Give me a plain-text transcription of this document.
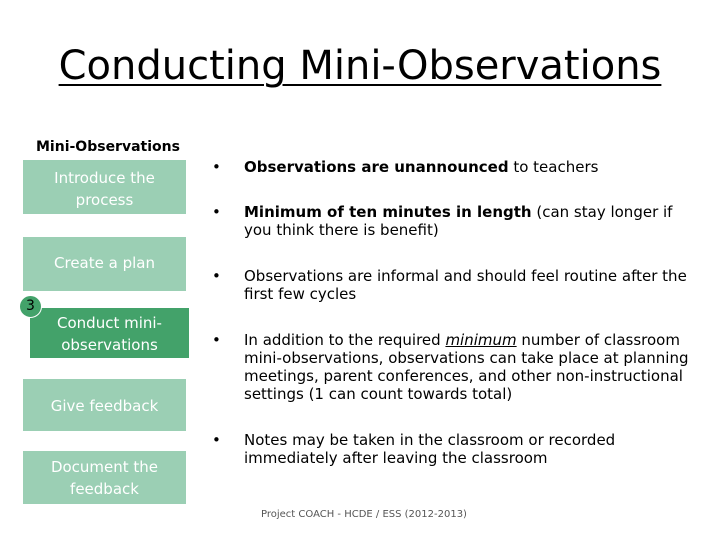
Conducting Mini-Observations
Mini-Observations
Introduce the process
Create a plan
Conduct mini-observations
Give feedback
Document the feedback
3
•	Observations are unannounced to teachers
•	Minimum of ten minutes in length (can stay longer if you think there is benefit)
•	Observations are informal and should feel routine after the first few cycles
•	In addition to the required minimum number of classroom mini-observations, observations can take place at planning meetings, parent conferences, and other non-instructional settings (1 can count towards total)
•	Notes may be taken in the classroom or recorded immediately after leaving the classroom
Project COACH - HCDE / ESS (2012-2013)
